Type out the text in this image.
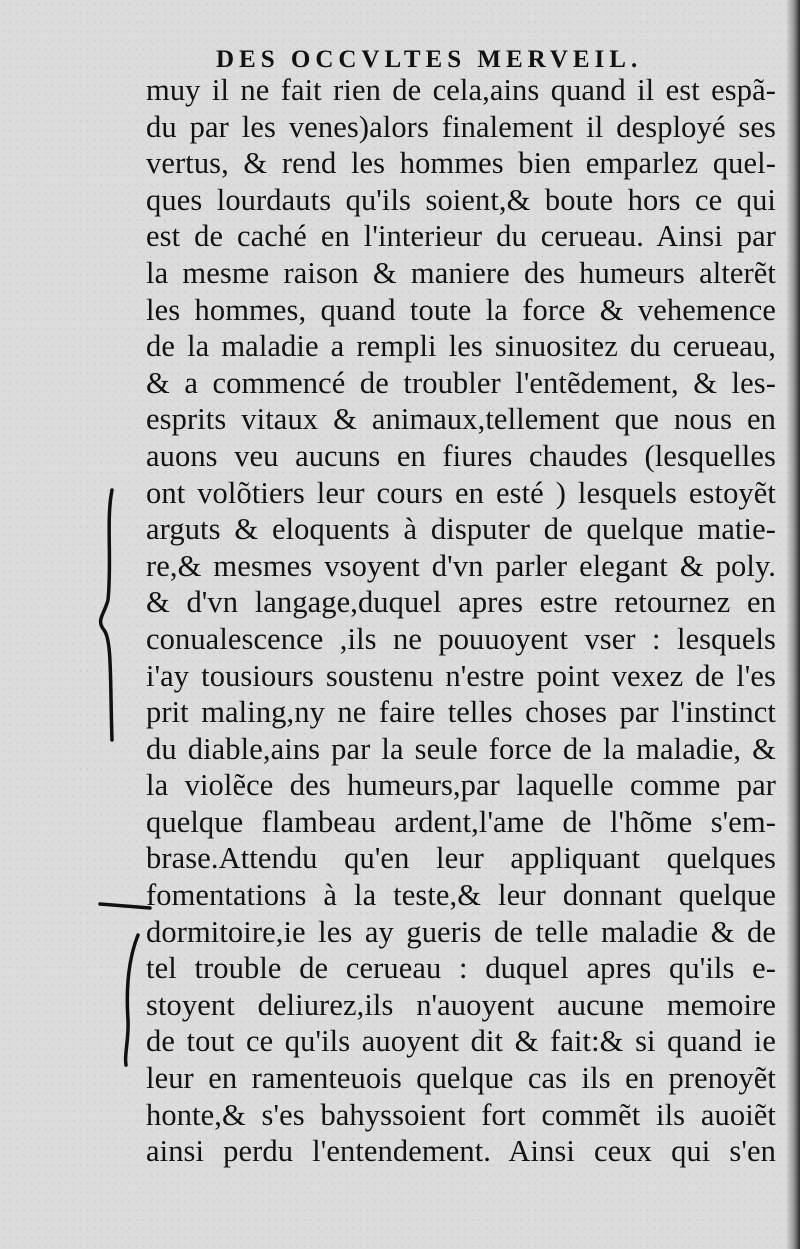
DES OCCVLTES MERVEIL.
muy il ne fait rien de cela,ains quand il est espã-
du par les venes)alors finalement il desployé ses
vertus, & rend les hommes bien emparlez quel-
ques lourdauts qu'ils soient,& boute hors ce qui
est de caché en l'interieur du cerueau. Ainsi par
la mesme raison & maniere des humeurs alterẽt
les hommes, quand toute la force & vehemence
de la maladie a rempli les sinuositez du cerueau,
& a commencé de troubler l'entẽdement, & les-
esprits vitaux & animaux,tellement que nous en
auons veu aucuns en fiures chaudes (lesquelles
ont volõtiers leur cours en esté ) lesquels estoyẽt
arguts & eloquents à disputer de quelque matie-
re,& mesmes vsoyent d'vn parler elegant & poly.
& d'vn langage,duquel apres estre retournez en
conualescence ,ils ne pouuoyent vser : lesquels
i'ay tousiours soustenu n'estre point vexez de l'es
prit maling,ny ne faire telles choses par l'instinct
du diable,ains par la seule force de la maladie, &
la violẽce des humeurs,par laquelle comme par
quelque flambeau ardent,l'ame de l'hõme s'em-
brase.Attendu qu'en leur appliquant quelques
fomentations à la teste,& leur donnant quelque
dormitoire,ie les ay gueris de telle maladie & de
tel trouble de cerueau : duquel apres qu'ils e-
stoyent deliurez,ils n'auoyent aucune memoire
de tout ce qu'ils auoyent dit & fait:& si quand ie
leur en ramenteuois quelque cas ils en prenoyẽt
honte,& s'es bahyssoient fort commẽt ils auoiẽt
ainsi perdu l'entendement. Ainsi ceux qui s'en
